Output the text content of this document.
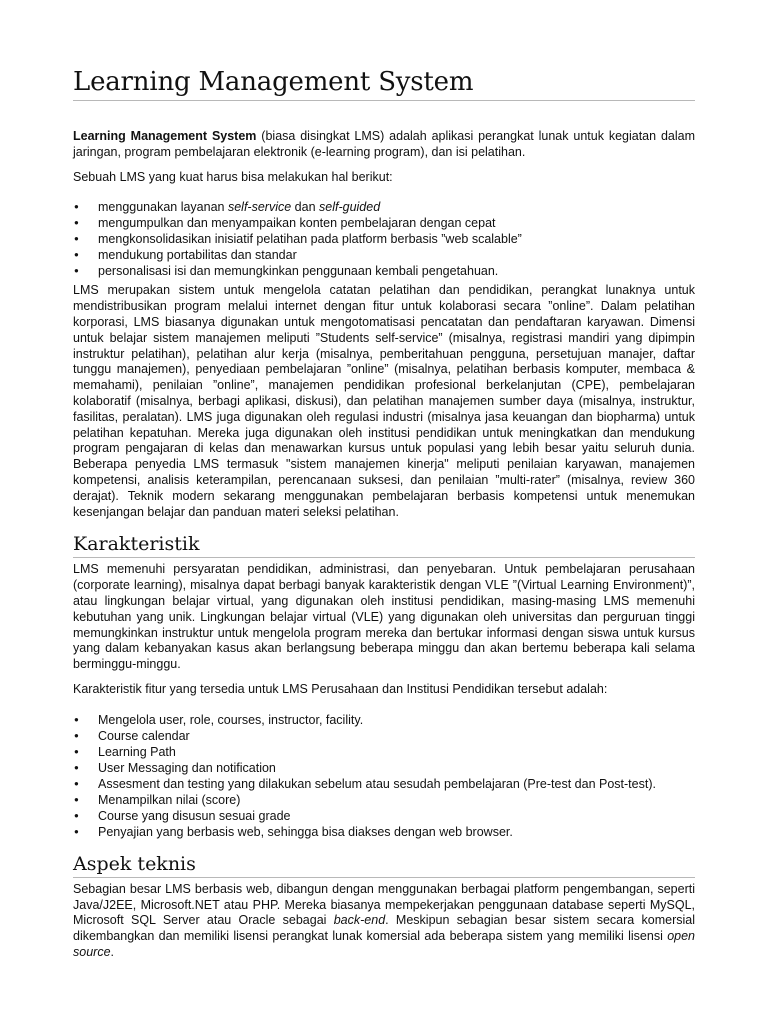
Learning Management System

Learning Management System (biasa disingkat LMS) adalah aplikasi perangkat lunak untuk kegiatan dalam jaringan, program pembelajaran elektronik (e-learning program), dan isi pelatihan.

Sebuah LMS yang kuat harus bisa melakukan hal berikut:

● menggunakan layanan self-service dan self-guided
● mengumpulkan dan menyampaikan konten pembelajaran dengan cepat
● mengkonsolidasikan inisiatif pelatihan pada platform berbasis ”web scalable”
● mendukung portabilitas dan standar
● personalisasi isi dan memungkinkan penggunaan kembali pengetahuan.

LMS merupakan sistem untuk mengelola catatan pelatihan dan pendidikan, perangkat lunaknya untuk mendistribusikan program melalui internet dengan fitur untuk kolaborasi secara ”online”. Dalam pelatihan korporasi, LMS biasanya digunakan untuk mengotomatisasi pencatatan dan pendaftaran karyawan. Dimensi untuk belajar sistem manajemen meliputi ”Students self-service” (misalnya, registrasi mandiri yang dipimpin instruktur pelatihan), pelatihan alur kerja (misalnya, pemberitahuan pengguna, persetujuan manajer, daftar tunggu manajemen), penyediaan pembelajaran ”online” (misalnya, pelatihan berbasis komputer, membaca & memahami), penilaian ”online”, manajemen pendidikan profesional berkelanjutan (CPE), pembelajaran kolaboratif (misalnya, berbagi aplikasi, diskusi), dan pelatihan manajemen sumber daya (misalnya, instruktur, fasilitas, peralatan). LMS juga digunakan oleh regulasi industri (misalnya jasa keuangan dan biopharma) untuk pelatihan kepatuhan. Mereka juga digunakan oleh institusi pendidikan untuk meningkatkan dan mendukung program pengajaran di kelas dan menawarkan kursus untuk populasi yang lebih besar yaitu seluruh dunia. Beberapa penyedia LMS termasuk "sistem manajemen kinerja" meliputi penilaian karyawan, manajemen kompetensi, analisis keterampilan, perencanaan suksesi, dan penilaian ”multi-rater” (misalnya, review 360 derajat). Teknik modern sekarang menggunakan pembelajaran berbasis kompetensi untuk menemukan kesenjangan belajar dan panduan materi seleksi pelatihan.

Karakteristik

LMS memenuhi persyaratan pendidikan, administrasi, dan penyebaran. Untuk pembelajaran perusahaan (corporate learning), misalnya dapat berbagi banyak karakteristik dengan VLE ”(Virtual Learning Environment)”, atau lingkungan belajar virtual, yang digunakan oleh institusi pendidikan, masing-masing LMS memenuhi kebutuhan yang unik. Lingkungan belajar virtual (VLE) yang digunakan oleh universitas dan perguruan tinggi memungkinkan instruktur untuk mengelola program mereka dan bertukar informasi dengan siswa untuk kursus yang dalam kebanyakan kasus akan berlangsung beberapa minggu dan akan bertemu beberapa kali selama berminggu-minggu.

Karakteristik fitur yang tersedia untuk LMS Perusahaan dan Institusi Pendidikan tersebut adalah:

● Mengelola user, role, courses, instructor, facility.
● Course calendar
● Learning Path
● User Messaging dan notification
● Assesment dan testing yang dilakukan sebelum atau sesudah pembelajaran (Pre-test dan Post-test).
● Menampilkan nilai (score)
● Course yang disusun sesuai grade
● Penyajian yang berbasis web, sehingga bisa diakses dengan web browser.
Aspek teknis

Sebagian besar LMS berbasis web, dibangun dengan menggunakan berbagai platform pengembangan, seperti Java/J2EE, Microsoft.NET atau PHP. Mereka biasanya mempekerjakan penggunaan database seperti MySQL, Microsoft SQL Server atau Oracle sebagai back-end. Meskipun sebagian besar sistem secara komersial dikembangkan dan memiliki lisensi perangkat lunak komersial ada beberapa sistem yang memiliki lisensi open source.
